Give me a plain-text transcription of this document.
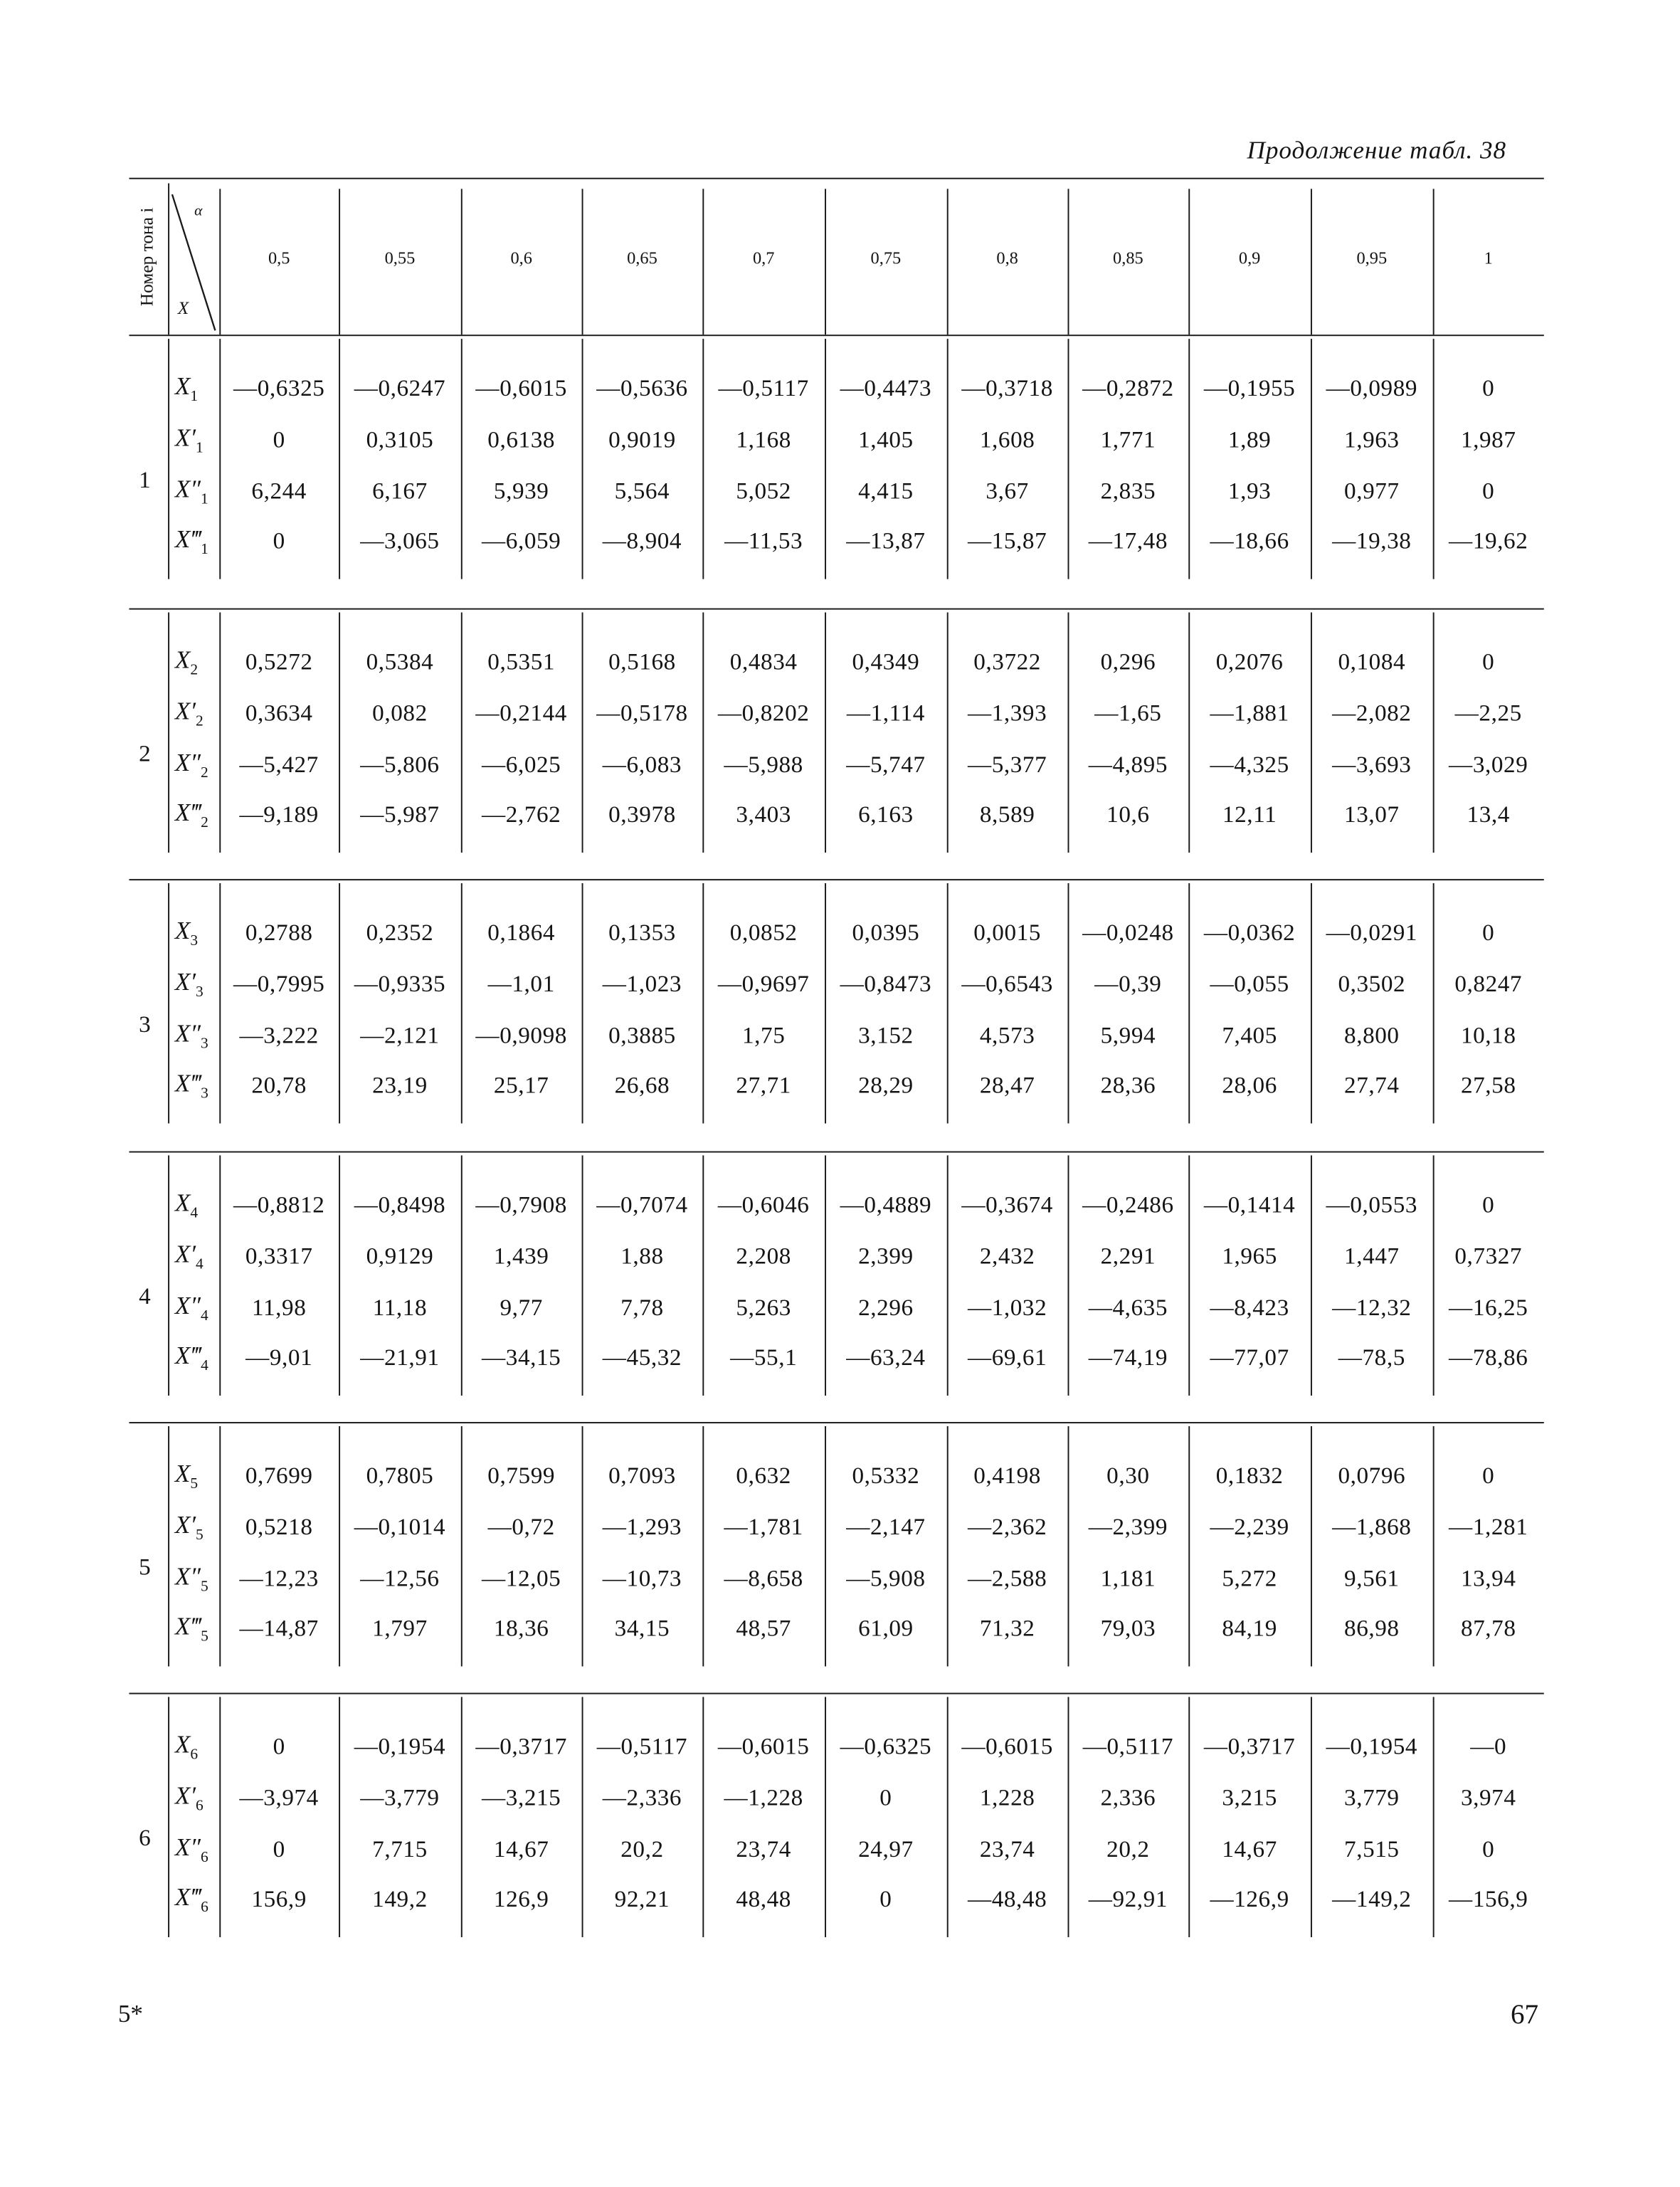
Продолжение табл. 38
Номер тона i	α
X
0,5	0,55	0,6	0,65	0,7	0,75	0,8	0,85	0,9	0,95	1
1
$X_1$	—0,6325 —0,6247 —0,6015 —0,5636	—0,5117	—0,4473 —0,3718 —0,2872 —0,1955	—0,0989	0
$X'_1$	0	0,3105	0,6138	0,9019	1,168	1,405	1,608	1,771	1,89	1,963	1,987
$X''_1$	6,244	6,167	5,939	5,564	5,052	4,415	3,67	2,835	1,93	0,977	0
$X‴_1$	0	—3,065	—6,059	—8,904	—11,53	—13,87	—15,87	—17,48	—18,66	—19,38	—19,62
2
$X_2$	0,5272	0,5384	0,5351	0,5168	0,4834	0,4349	0,3722	0,296	0,2076	0,1084	0
$X'_2$	0,3634	0,082	—0,2144 —0,5178 —0,8202	—1,114	—1,393	—1,65	—1,881	—2,082	—2,25
$X''_2$	—5,427	—5,806	—6,025	—6,083	—5,988	—5,747	—5,377	—4,895	—4,325	—3,693	—3,029
$X‴_2$	—9,189	—5,987	—2,762	0,3978	3,403	6,163	8,589	10,6	12,11	13,07	13,4
3
$X_3$	0,2788	0,2352	0,1864	0,1353	0,0852	0,0395	0,0015	—0,0248 —0,0362	—0,0291	0
$X'_3$ —0,7995 —0,9335	—1,01	—1,023	—0,9697	—0,8473 —0,6543	—0,39	—0,055	0,3502	0,8247
$X''_3$	—3,222	—2,121	—0,9098	0,3885	1,75	3,152	4,573	5,994	7,405	8,800	10,18
$X‴_3$	20,78	23,19	25,17	26,68	27,71	28,29	28,47	28,36	28,06	27,74	27,58
4
$X_4$	—0,8812 —0,8498 —0,7908 —0,7074 —0,6046	—0,4889 —0,3674 —0,2486 —0,1414	—0,0553	0
$X'_4$	0,3317	0,9129	1,439	1,88	2,208	2,399	2,432	2,291	1,965	1,447	0,7327
$X''_4$	11,98	11,18	9,77	7,78	5,263	2,296	—1,032	—4,635	—8,423	—12,32	—16,25
$X‴_4$	—9,01	—21,91	—34,15	—45,32	—55,1	—63,24	—69,61	—74,19	—77,07	—78,5	—78,86
5
$X_5$	0,7699	0,7805	0,7599	0,7093	0,632	0,5332	0,4198	0,30	0,1832	0,0796	0
$X'_5$	0,5218	—0,1014	—0,72	—1,293	—1,781	—2,147	—2,362	—2,399	—2,239	—1,868	—1,281
$X''_5$	—12,23	—12,56	—12,05	—10,73	—8,658	—5,908	—2,588	1,181	5,272	9,561	13,94
$X‴_5$	—14,87	1,797	18,36	34,15	48,57	61,09	71,32	79,03	84,19	86,98	87,78
6
$X_6$	0	—0,1954 —0,3717 —0,5117	—0,6015	—0,6325 —0,6015 —0,5117	—0,3717	—0,1954	—0
$X'_6$	—3,974	—3,779	—3,215	—2,336	—1,228	0	1,228	2,336	3,215	3,779	3,974
$X''_6$	0	7,715	14,67	20,2	23,74	24,97	23,74	20,2	14,67	7,515	0
$X‴_6$	156,9	149,2	126,9	92,21	48,48	0	—48,48	—92,91	—126,9	—149,2	—156,9
5*	67
